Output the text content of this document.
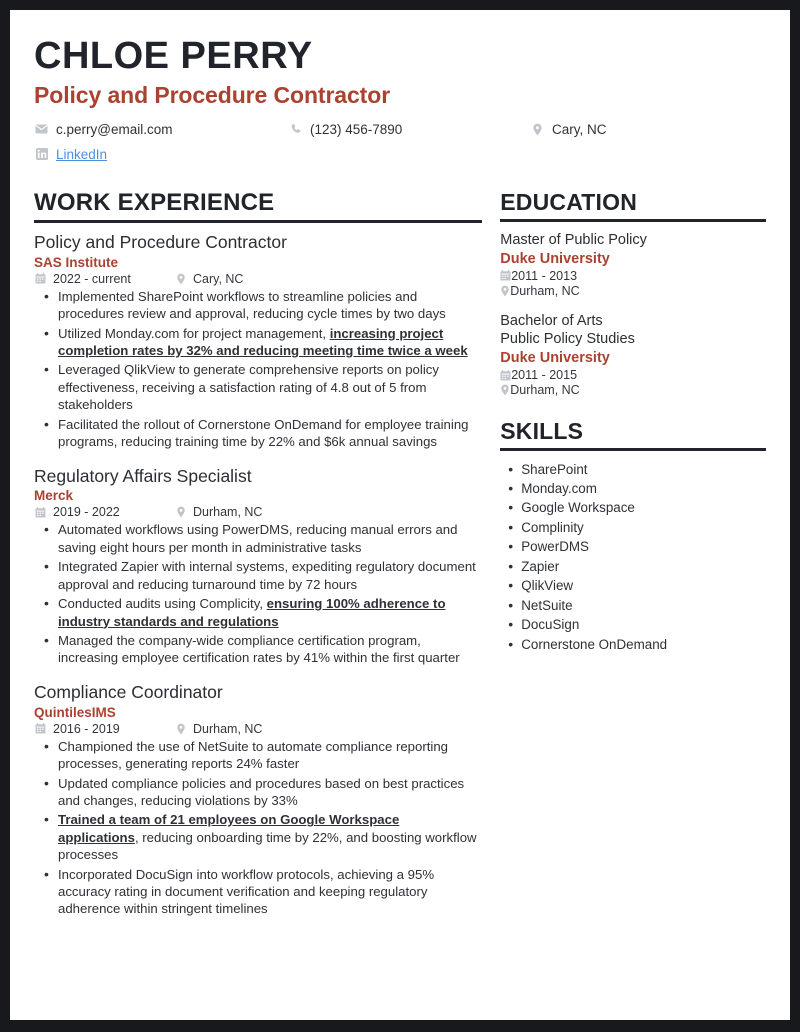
CHLOE PERRY
Policy and Procedure Contractor
c.perry@email.com	(123) 456-7890	Cary, NC
LinkedIn
WORK EXPERIENCE
Policy and Procedure Contractor
SAS Institute
2022 - current	Cary, NC
• Implemented SharePoint workflows to streamline policies and procedures review and approval, reducing cycle times by two days
• Utilized Monday.com for project management, increasing project completion rates by 32% and reducing meeting time twice a week
• Leveraged QlikView to generate comprehensive reports on policy effectiveness, receiving a satisfaction rating of 4.8 out of 5 from stakeholders
• Facilitated the rollout of Cornerstone OnDemand for employee training programs, reducing training time by 22% and $6k annual savings
Regulatory Affairs Specialist
Merck
2019 - 2022	Durham, NC
• Automated workflows using PowerDMS, reducing manual errors and saving eight hours per month in administrative tasks
• Integrated Zapier with internal systems, expediting regulatory document approval and reducing turnaround time by 72 hours
• Conducted audits using Complicity, ensuring 100% adherence to industry standards and regulations
• Managed the company-wide compliance certification program, increasing employee certification rates by 41% within the first quarter
Compliance Coordinator
QuintilesIMS
2016 - 2019	Durham, NC
• Championed the use of NetSuite to automate compliance reporting processes, generating reports 24% faster
• Updated compliance policies and procedures based on best practices and changes, reducing violations by 33%
• Trained a team of 21 employees on Google Workspace applications, reducing onboarding time by 22%, and boosting workflow processes
• Incorporated DocuSign into workflow protocols, achieving a 95% accuracy rating in document verification and keeping regulatory adherence within stringent timelines
EDUCATION
Master of Public Policy
Duke University
2011 - 2013
Durham, NC
Bachelor of Arts
Public Policy Studies
Duke University
2011 - 2015
Durham, NC
SKILLS
• SharePoint
• Monday.com
• Google Workspace
• Complinity
• PowerDMS
• Zapier
• QlikView
• NetSuite
• DocuSign
• Cornerstone OnDemand
